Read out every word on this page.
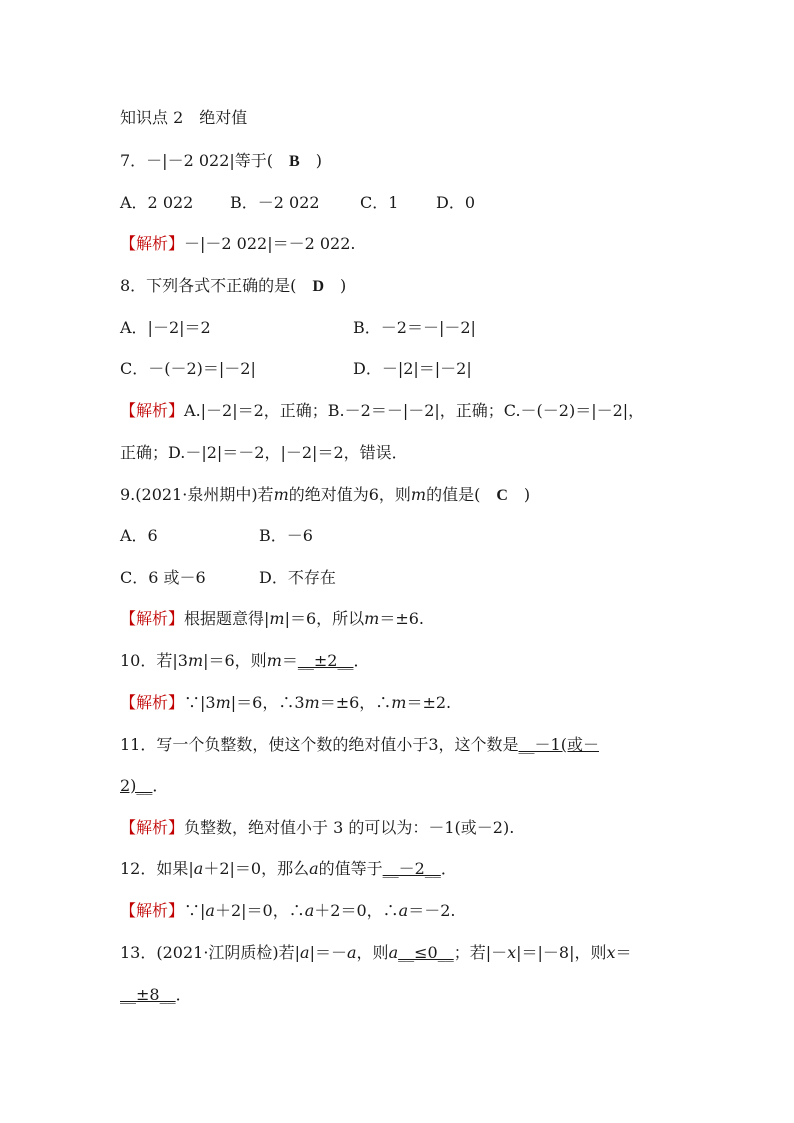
知识点 2　绝对值
7．－|－2 022|等于(　B　)
A．2 022 B．－2 022	C．1 D．0
【解析】－|－2 022|＝－2 022.
8．下列各式不正确的是(　D　)
A．|－2|＝2	B．－2＝－|－2|
C．－(－2)＝|－2|	D．－|2|＝|－2|
【解析】A.|－2|＝2，正确；B.－2＝－|－2|，正确；C.－(－2)＝|－2|，
正确；D.－|2|＝－2，|－2|＝2，错误．
9.(2021·泉州期中)若m的绝对值为6，则m的值是(　C　)
A．6	B．－6
C．6 或－6	D．不存在
【解析】根据题意得|m|＝6，所以m＝±6.
10．若|3m|＝6，则m＝__±2__．
【解析】∵|3m|＝6，∴3m＝±6，∴m＝±2.
11．写一个负整数，使这个数的绝对值小于3，这个数是__－1(或－
2)__．
【解析】负整数，绝对值小于 3 的可以为：－1(或－2).
12．如果|a＋2|＝0，那么a的值等于__－2__．
【解析】∵|a＋2|＝0，∴a＋2＝0，∴a＝－2.
13．(2021·江阴质检)若|a|＝－a，则a__≤0__；若|－x|＝|－8|，则x＝
__±8__．
